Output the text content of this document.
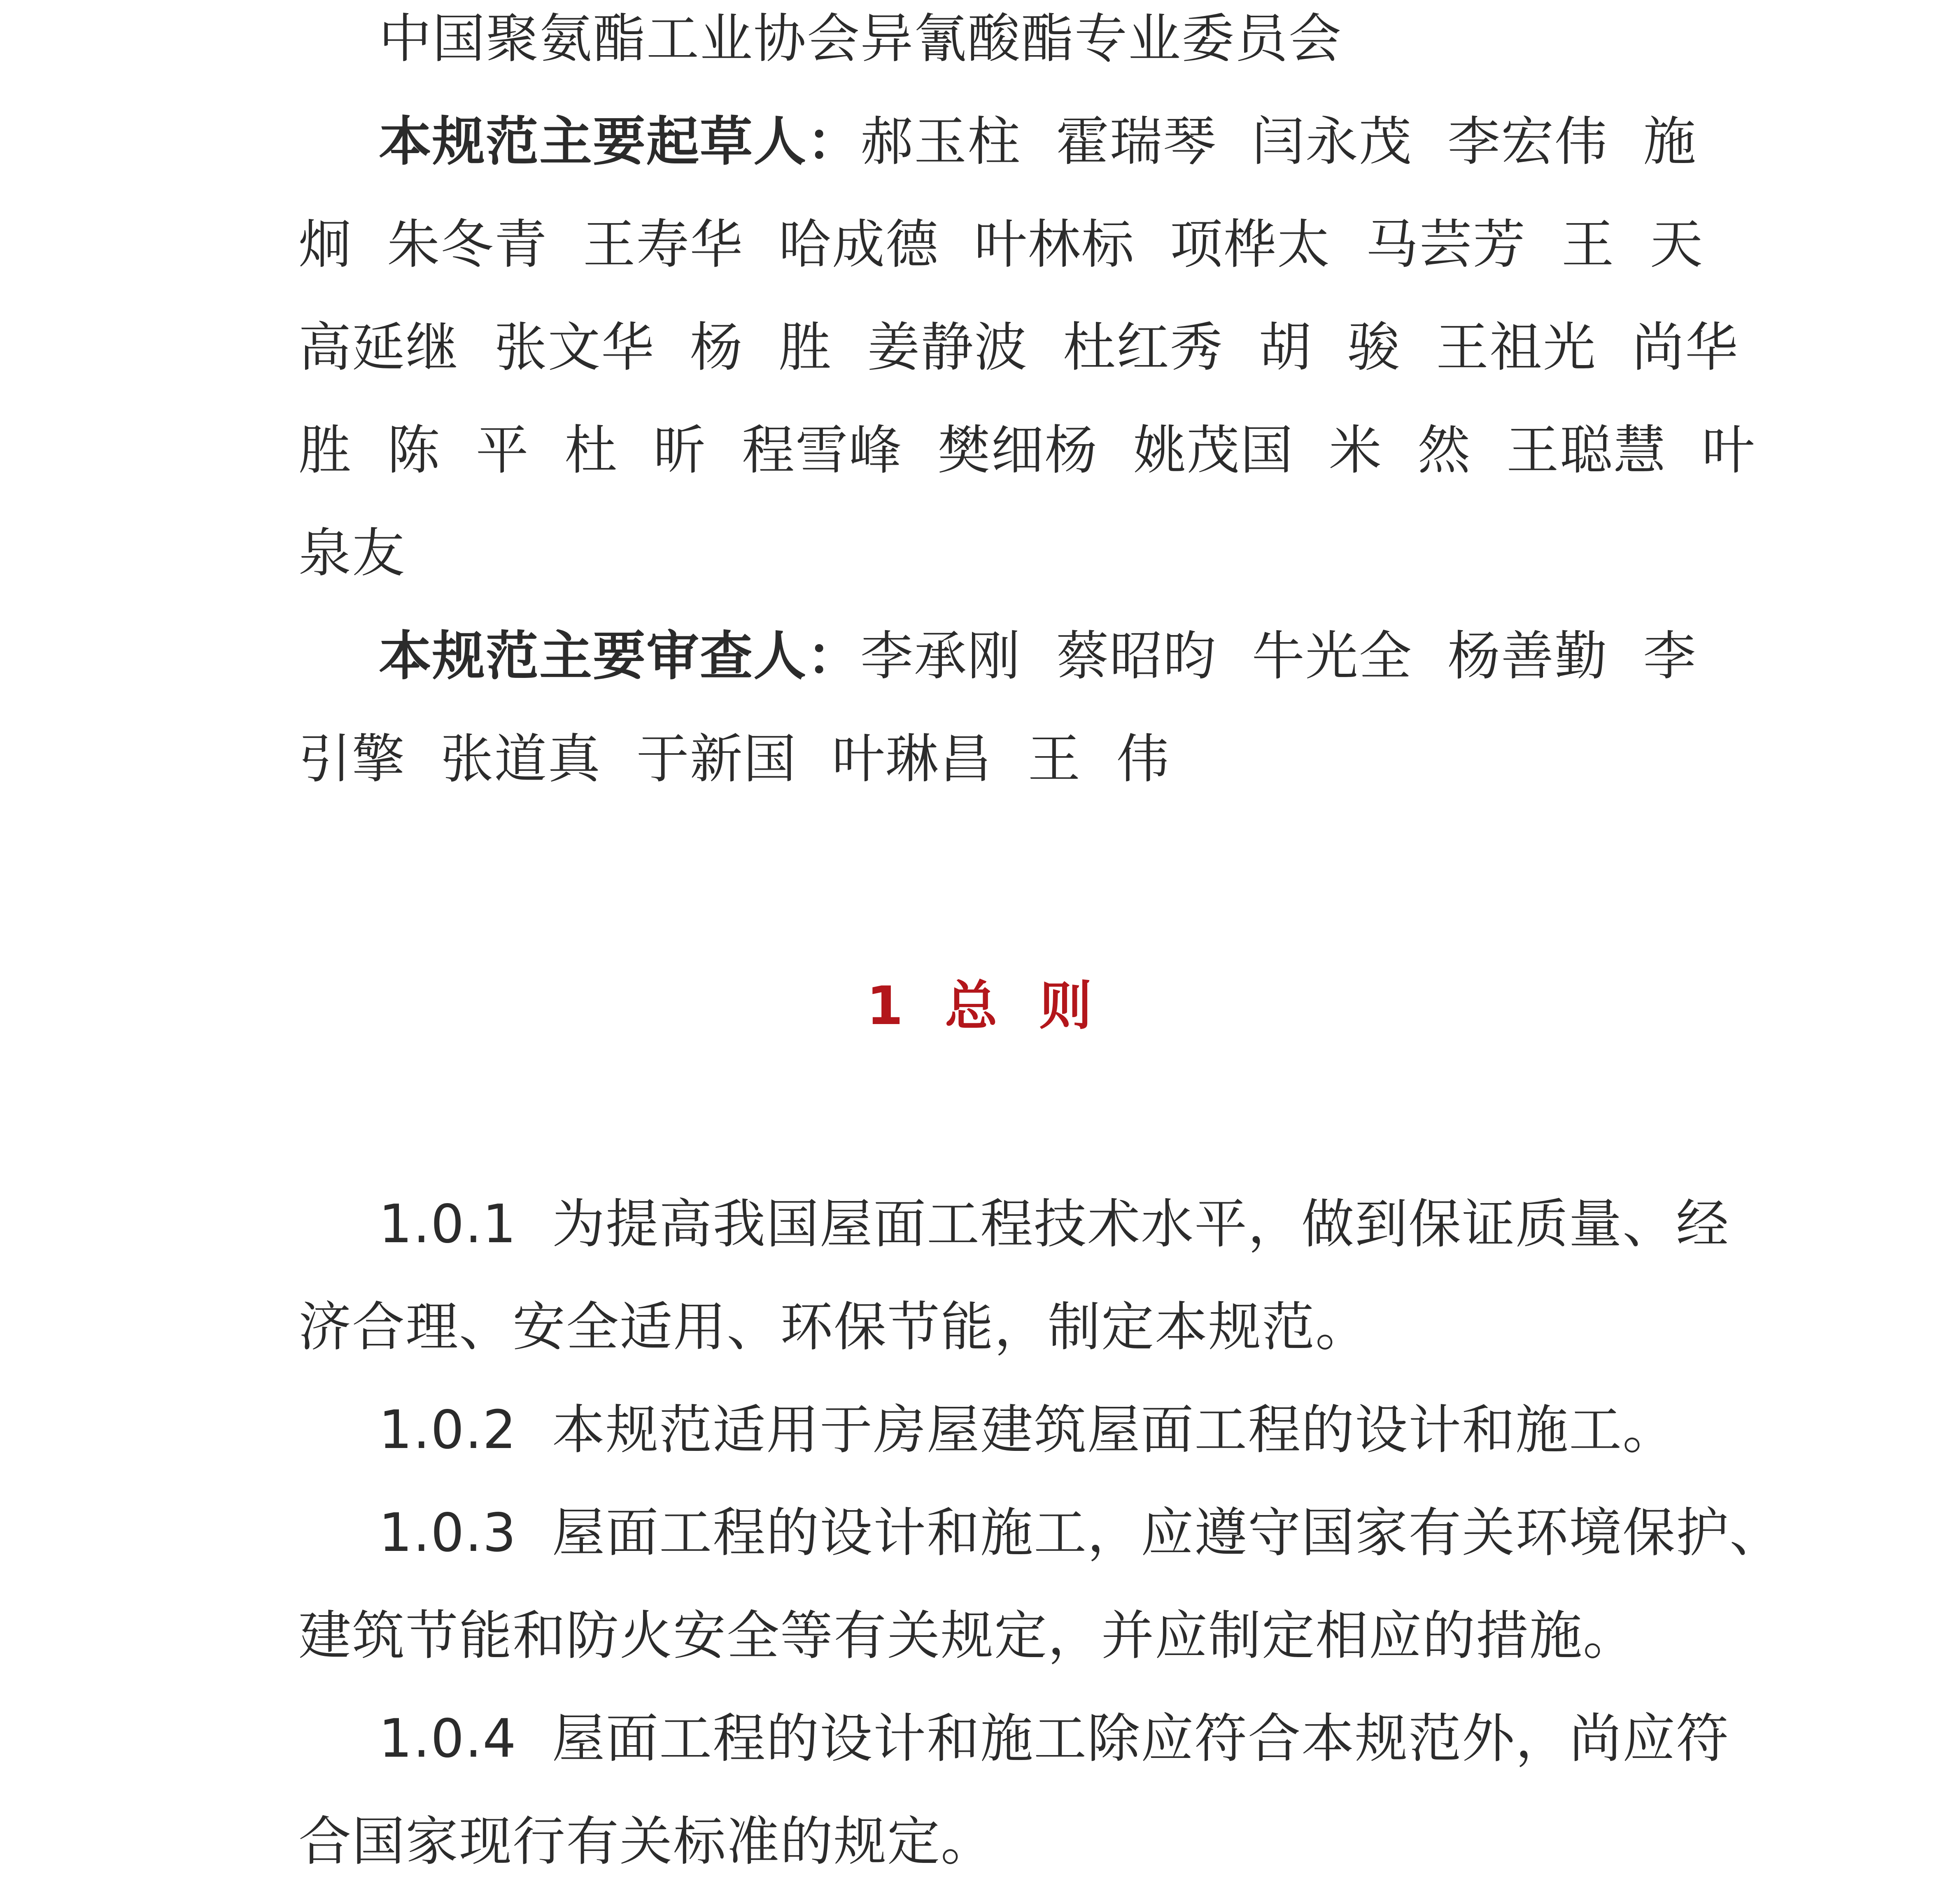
中国聚氨酯工业协会异氰酸酯专业委员会
本规范主要起草人：郝玉柱  霍瑞琴  闫永茂  李宏伟  施
炯  朱冬青  王寿华  哈成德  叶林标  项桦太  马芸芳  王  天
高延继  张文华  杨  胜  姜静波  杜红秀  胡  骏  王祖光  尚华
胜  陈  平  杜  昕  程雪峰  樊细杨  姚茂国  米  然  王聪慧  叶
泉友
本规范主要审查人：李承刚  蔡昭昀  牛光全  杨善勤  李
引擎  张道真  于新国  叶琳昌  王  伟
1  总  则
1.0.1  为提高我国屋面工程技术水平，做到保证质量、经
济合理、安全适用、环保节能，制定本规范。
1.0.2  本规范适用于房屋建筑屋面工程的设计和施工。
1.0.3  屋面工程的设计和施工，应遵守国家有关环境保护、
建筑节能和防火安全等有关规定，并应制定相应的措施。
1.0.4  屋面工程的设计和施工除应符合本规范外，尚应符
合国家现行有关标准的规定。
